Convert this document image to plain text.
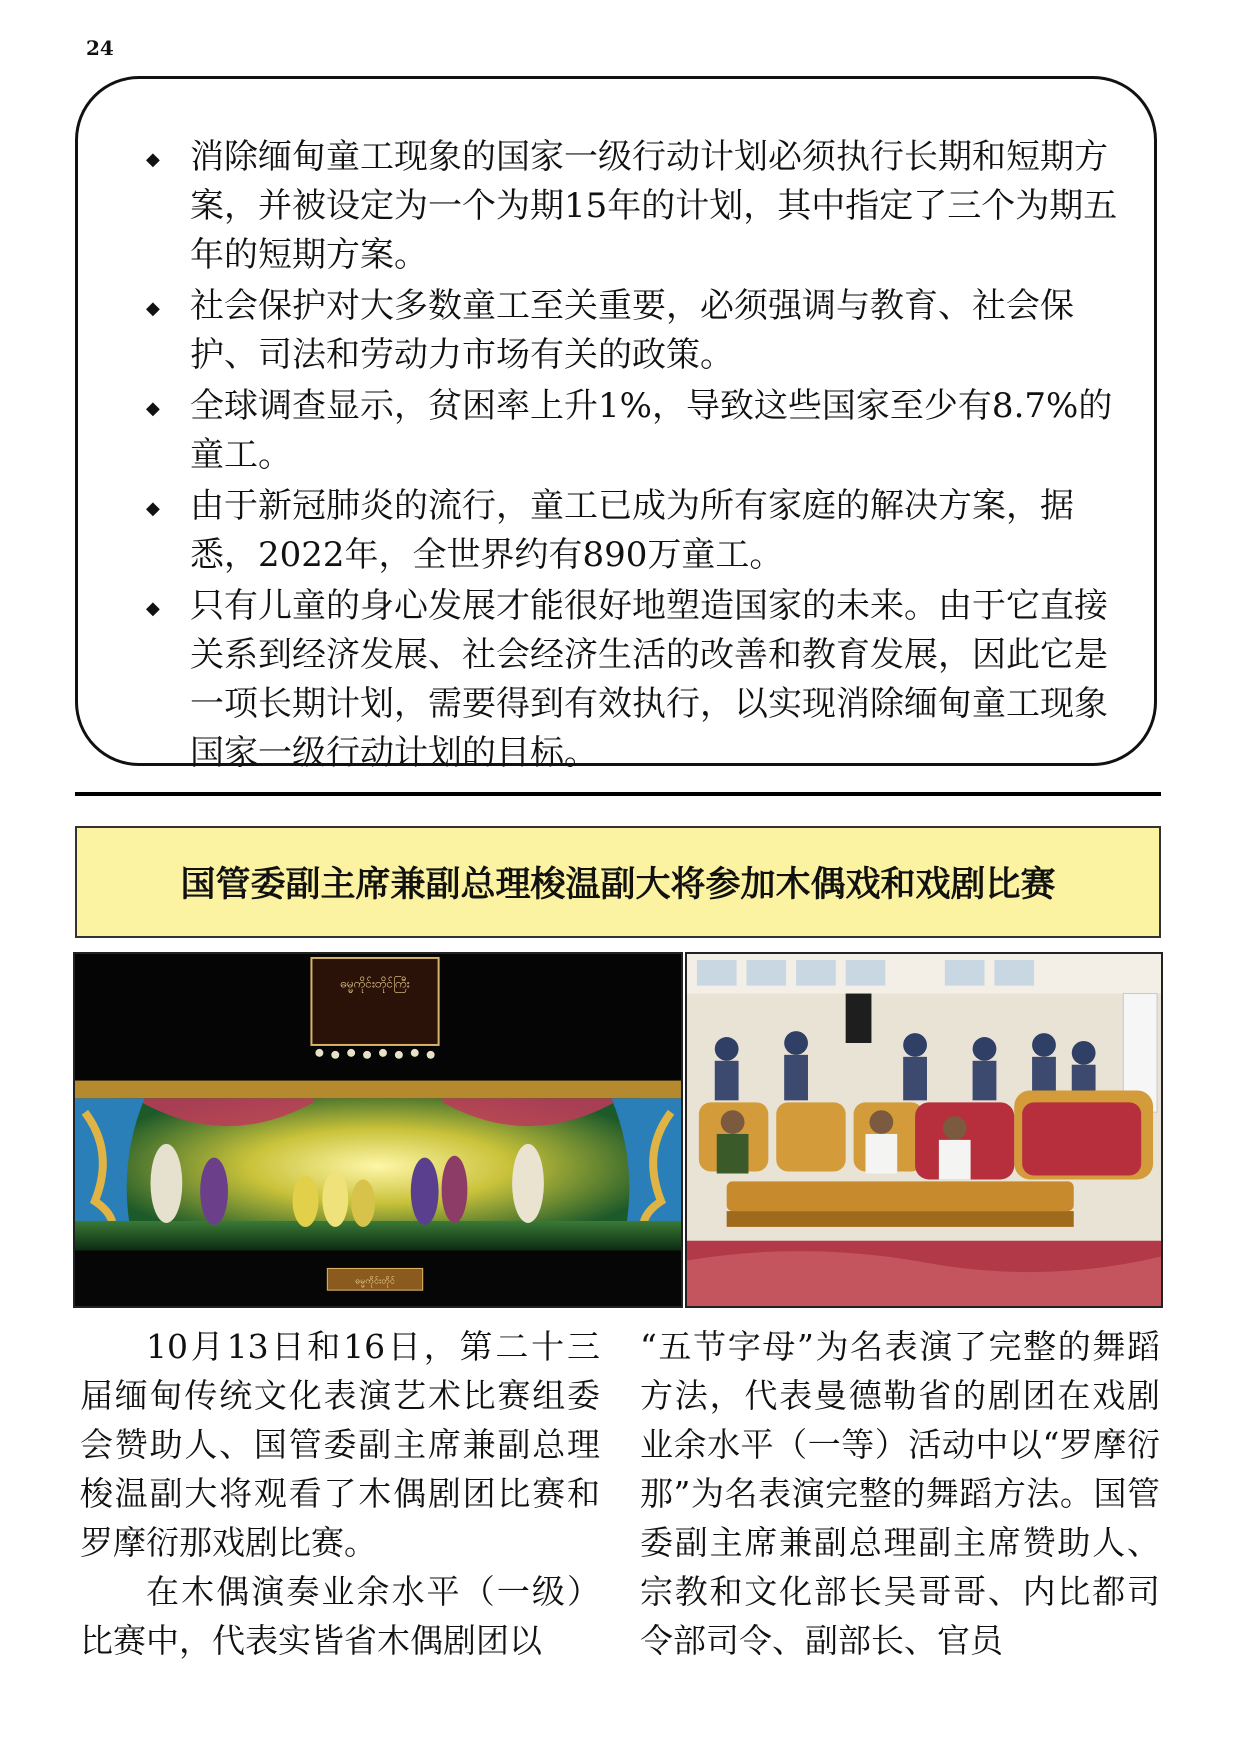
24
◆ 消除缅甸童工现象的国家一级行动计划必须执行长期和短期方案，并被设定为一个为期15年的计划，其中指定了三个为期五年的短期方案。
◆ 社会保护对大多数童工至关重要，必须强调与教育、社会保护、司法和劳动力市场有关的政策。
◆ 全球调查显示，贫困率上升1%，导致这些国家至少有8.7%的童工。
◆ 由于新冠肺炎的流行，童工已成为所有家庭的解决方案，据悉，2022年，全世界约有890万童工。
◆ 只有儿童的身心发展才能很好地塑造国家的未来。由于它直接关系到经济发展、社会经济生活的改善和教育发展，因此它是一项长期计划，需要得到有效执行，以实现消除缅甸童工现象国家一级行动计划的目标。
国管委副主席兼副总理梭温副大将参加木偶戏和戏剧比赛
ဓမ္မကိုင်းတိုင်ကြီး
ဓမ္မကိုင်းတိုင်

10月13日和16日，第二十三届缅甸传统文化表演艺术比赛组委会赞助人、国管委副主席兼副总理梭温副大将观看了木偶剧团比赛和罗摩衍那戏剧比赛。

在木偶演奏业余水平（一级）比赛中，代表实皆省木偶剧团以

“五节字母”为名表演了完整的舞蹈方法，代表曼德勒省的剧团在戏剧业余水平（一等）活动中以“罗摩衍那”为名表演完整的舞蹈方法。国管委副主席兼副总理副主席赞助人、宗教和文化部长吴哥哥、内比都司令部司令、副部长、官员
